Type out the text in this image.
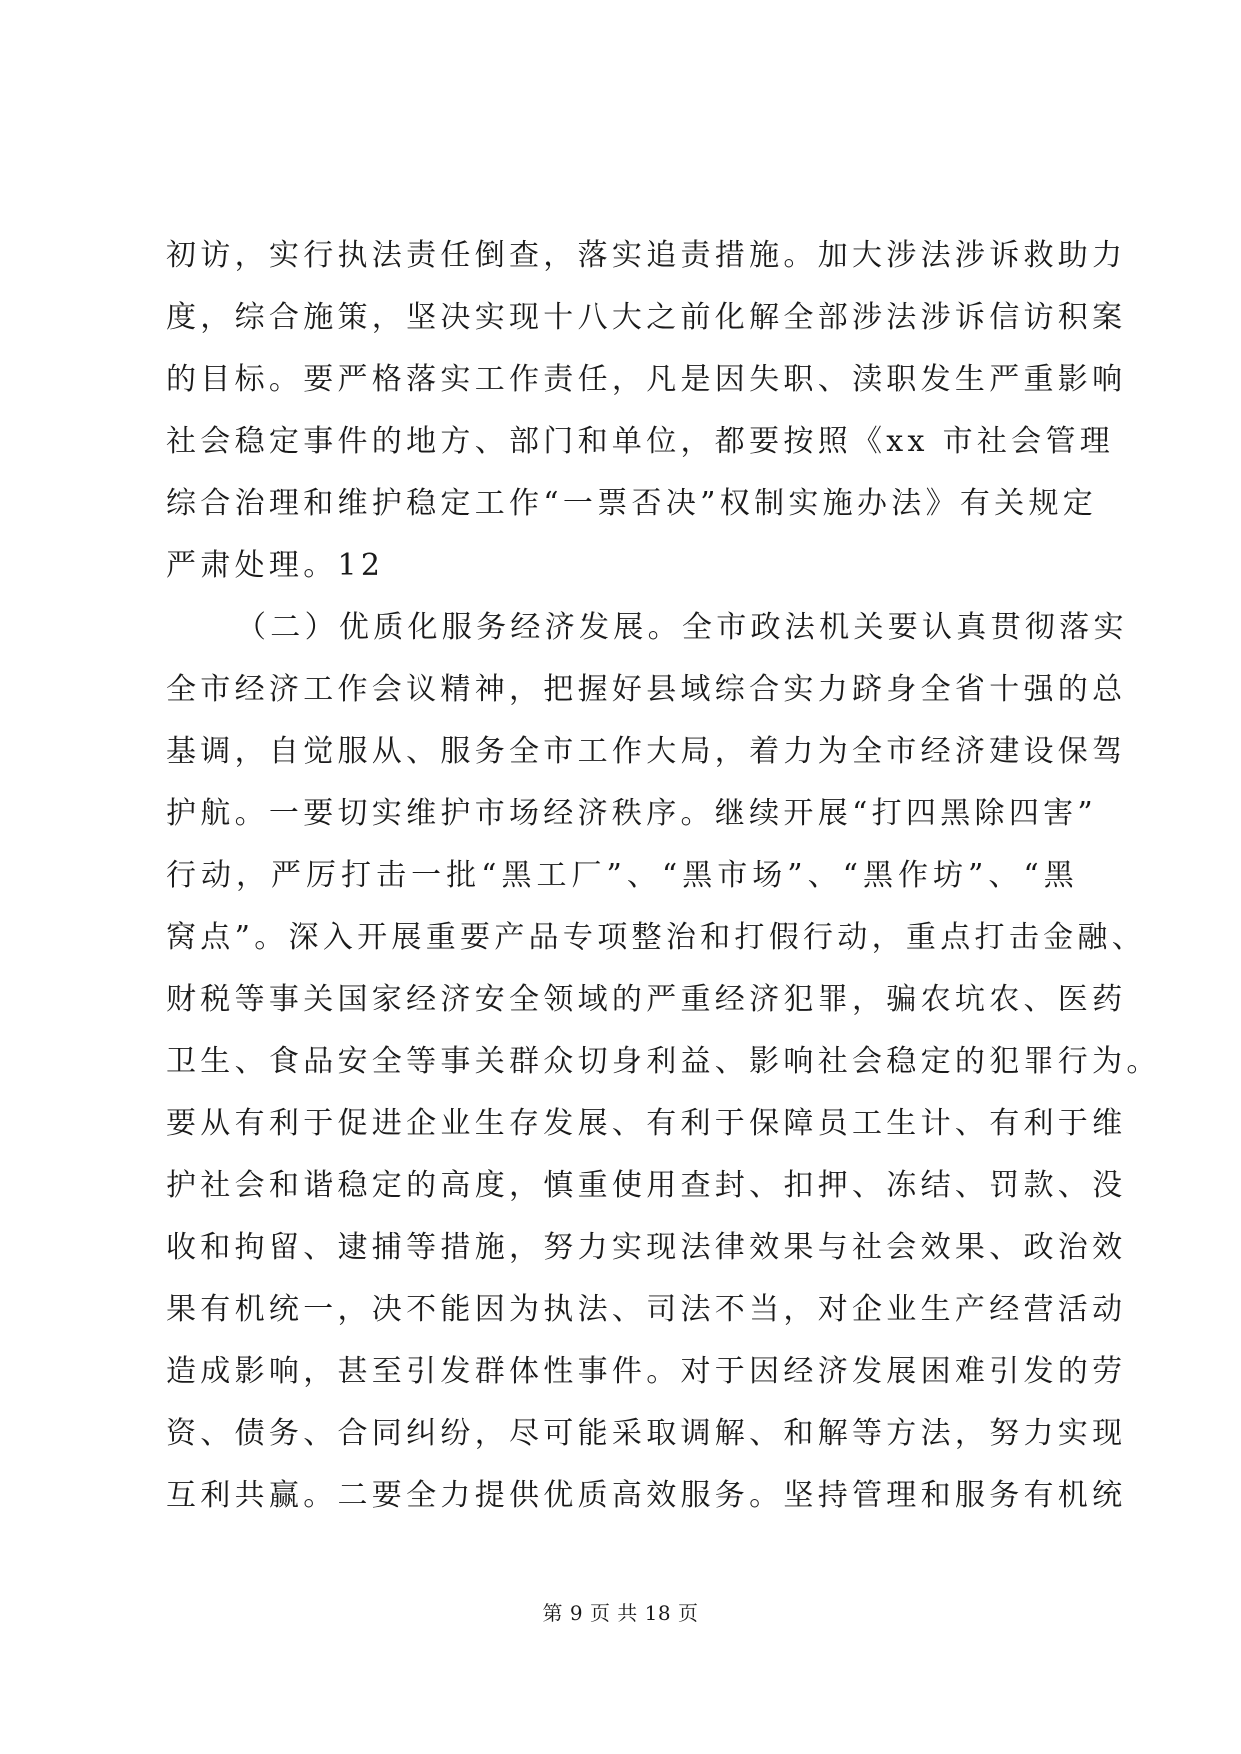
初访，实行执法责任倒查，落实追责措施。加大涉法涉诉救助力
度，综合施策，坚决实现十八大之前化解全部涉法涉诉信访积案
的目标。要严格落实工作责任，凡是因失职、渎职发生严重影响
社会稳定事件的地方、部门和单位，都要按照《xx 市社会管理
综合治理和维护稳定工作“一票否决”权制实施办法》有关规定
严肃处理。12
（二）优质化服务经济发展。全市政法机关要认真贯彻落实
全市经济工作会议精神，把握好县域综合实力跻身全省十强的总
基调，自觉服从、服务全市工作大局，着力为全市经济建设保驾
护航。一要切实维护市场经济秩序。继续开展“打四黑除四害”
行动，严厉打击一批“黑工厂”、“黑市场”、“黑作坊”、“黑
窝点”。深入开展重要产品专项整治和打假行动，重点打击金融、
财税等事关国家经济安全领域的严重经济犯罪，骗农坑农、医药
卫生、食品安全等事关群众切身利益、影响社会稳定的犯罪行为。
要从有利于促进企业生存发展、有利于保障员工生计、有利于维
护社会和谐稳定的高度，慎重使用查封、扣押、冻结、罚款、没
收和拘留、逮捕等措施，努力实现法律效果与社会效果、政治效
果有机统一，决不能因为执法、司法不当，对企业生产经营活动
造成影响，甚至引发群体性事件。对于因经济发展困难引发的劳
资、债务、合同纠纷，尽可能采取调解、和解等方法，努力实现
互利共赢。二要全力提供优质高效服务。坚持管理和服务有机统
第 9 页 共 18 页
